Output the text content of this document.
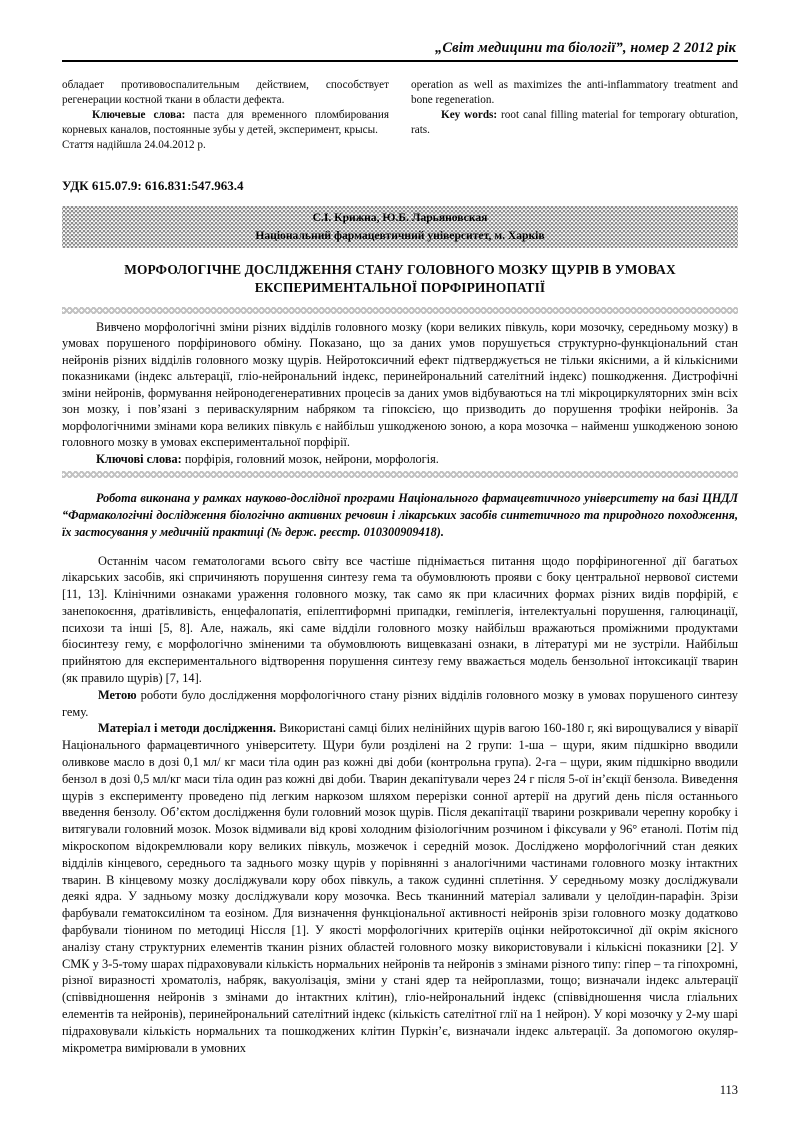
„Світ медицини та біології”, номер 2 2012 рік

обладает противовоспалительным действием, способствует регенерации костной ткани в области дефекта.

Ключевые слова: паста для временного пломбирования корневых каналов, постоянные зубы у детей, эксперимент, крысы.

Стаття надійшла 24.04.2012 р.

operation as well as maximizes the anti-inflammatory treatment and bone regeneration.

Key words: root canal filling material for temporary obturation, rats.

УДК 615.07.9: 616.831:547.963.4
С.І. Крижна, Ю.Б. Ларьяновская
Національний фармацевтичний університет, м. Харків
МОРФОЛОГІЧНЕ ДОСЛІДЖЕННЯ СТАНУ ГОЛОВНОГО МОЗКУ ЩУРІВ В УМОВАХ
ЕКСПЕРИМЕНТАЛЬНОЇ ПОРФІРИНОПАТІЇ

Вивчено морфологічні зміни різних відділів головного мозку (кори великих півкуль, кори мозочку, середньому мозку) в умовах порушеного порфіринового обміну. Показано, що за даних умов порушується структурно-функціональний стан нейронів різних відділів головного мозку щурів. Нейротоксичний ефект підтверджується не тільки якісними, а й кількісними показниками (індекс альтерації, гліо-нейрональний індекс, перинейрональний сателітний індекс) пошкодження. Дистрофічні зміни нейронів, формування нейронодегенеративних процесів за даних умов відбуваються на тлі мікроциркуляторних змін всіх зон мозку, і пов’язані з периваскулярним набряком та гіпоксією, що призводить до порушення трофіки нейронів. За морфологічними змінами кора великих півкуль є найбільш ушкодженою зоною, а кора мозочка – найменш ушкодженою зоною головного мозку в умовах експериментальної порфірії.

Ключові слова: порфірія, головний мозок, нейрони, морфологія.

Робота виконана у рамках науково-дослідної програми Національного фармацевтичного університету на базі ЦНДЛ “Фармакологічні дослідження біологічно активних речовин і лікарських засобів синтетичного та природного походження, їх застосування у медичній практиці (№ держ. реєстр. 010300909418).

Останнім часом гематологами всього світу все частіше піднімається питання щодо порфіриногенної дії багатьох лікарських засобів, які спричиняють порушення синтезу гема та обумовлюють прояви с боку центральної нервової системи [11, 13]. Клінічними ознаками ураження головного мозку, так само як при класичних формах різних видів порфірій, є занепокоєння, дратівливість, енцефалопатія, епілептиформні припадки, геміплегія, інтелектуальні порушення, галюцинації, психози та інші [5, 8]. Але, нажаль, які саме відділи головного мозку найбільш вражаються проміжними продуктами біосинтезу гему, є морфологічно зміненими та обумовлюють вищевказані ознаки, в літературі ми не зустріли. Найбільш прийнятою для експериментального відтворення порушення синтезу гему вважається модель бензольної інтоксикації тварин (як правило щурів) [7, 14].

Метою роботи було дослідження морфологічного стану різних відділів головного мозку в умовах порушеного синтезу гему.

Матеріал і методи дослідження. Використані самці білих нелінійних щурів вагою 160-180 г, які вирощувалися у віварії Національного фармацевтичного університету. Щури були розділені на 2 групи: 1-ша – щури, яким підшкірно вводили оливкове масло в дозі 0,1 мл/ кг маси тіла один раз кожні дві доби (контрольна група). 2-га – щури, яким підшкірно вводили бензол в дозі 0,5 мл/кг маси тіла один раз кожні дві доби. Тварин декапітували через 24 г після 5-ої ін’єкції бензола. Виведення щурів з експерименту проведено під легким наркозом шляхом перерізки сонної артерії на другий день після останнього введення бензолу. Об’єктом дослідження були головний мозок щурів. Після декапітації тварини розкривали черепну коробку і витягували головний мозок. Мозок відмивали від крові холодним фізіологічним розчином і фіксували у 96° етанолі. Потім під мікроскопом відокремлювали кору великих півкуль, мозжечок і середній мозок. Досліджено морфологічний стан деяких відділів кінцевого, середнього та заднього мозку щурів у порівнянні з аналогічними частинами головного мозку інтактних тварин. В кінцевому мозку досліджували кору обох півкуль, а також судинні сплетіння. У середньому мозку досліджували деякі ядра. У задньому мозку досліджували кору мозочка. Весь тканинний матеріал заливали у целоїдин-парафін. Зрізи фарбували гематоксиліном та еозіном. Для визначення функціональної активності нейронів зрізи головного мозку додатково фарбували тіонином по методиці Ніссля [1]. У якості морфологічних критеріїв оцінки нейротоксичної дії окрім якісного аналізу стану структурних елементів тканин різних областей головного мозку використовували і кількісні показники [2]. У СМК у 3-5-тому шарах підраховували кількість нормальних нейронів та нейронів з змінами різного типу: гіпер – та гіпохромні, різної виразності хроматоліз, набряк, вакуолізація, зміни у стані ядер та нейроплазми, тощо; визначали індекс альтерації (співвідношення нейронів з змінами до інтактних клітин), гліо-нейрональний індекс (співвідношення числа гліальних елементів та нейронів), перинейрональний сателітний індекс (кількість сателітної глії на 1 нейрон). У корі мозочку у 2-му шарі підраховували кількість нормальних та пошкоджених клітин Пуркін’є, визначали індекс альтерації. За допомогою окуляр-мікрометра вимірювали в умовних

113
